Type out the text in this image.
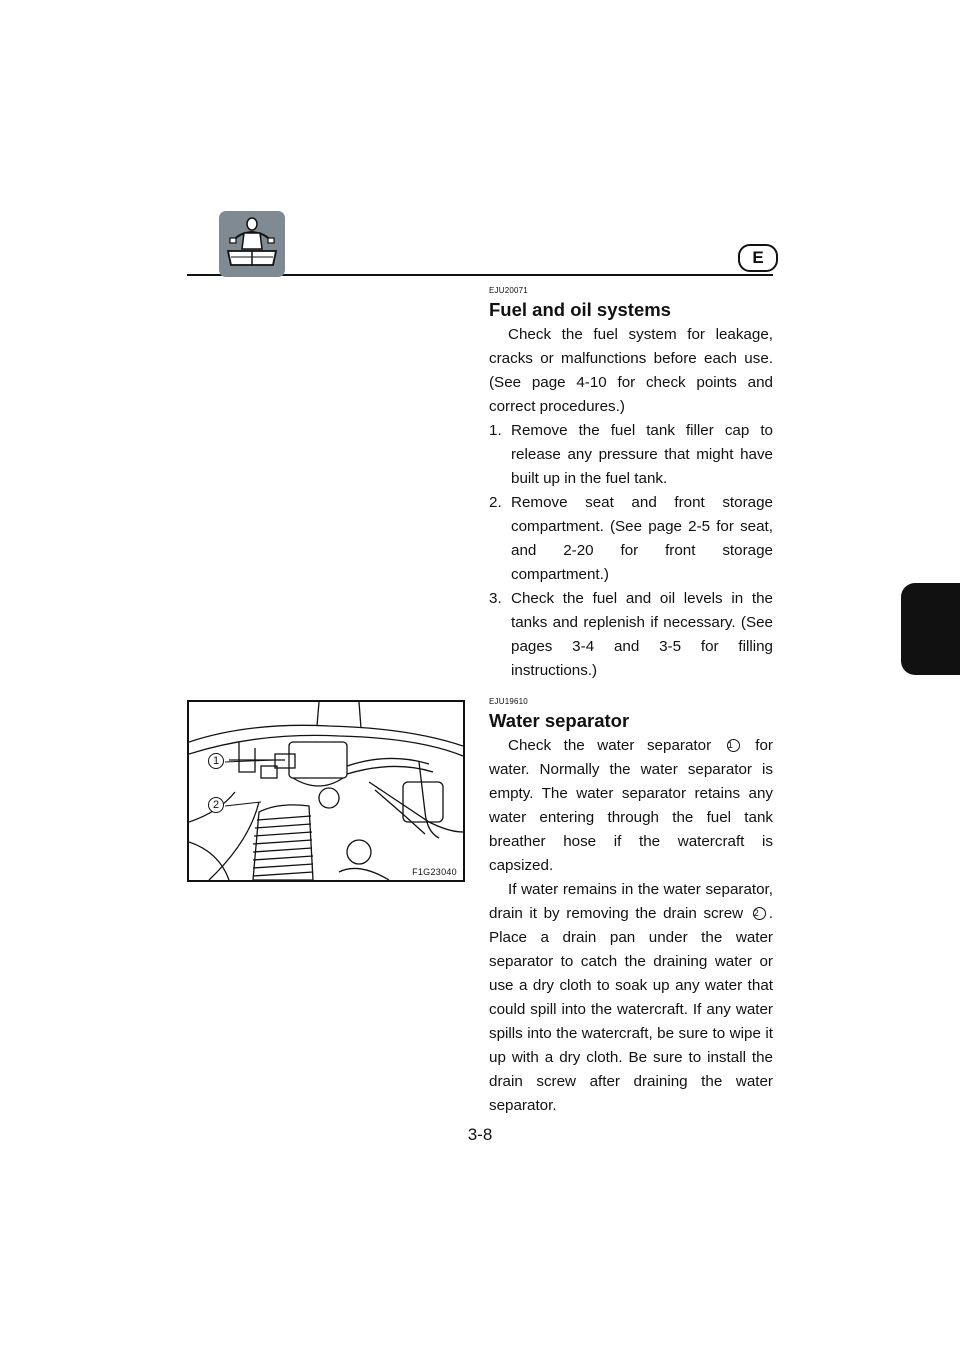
E
EJU20071
Fuel and oil systems

Check the fuel system for leakage, cracks or malfunctions before each use. (See page 4-10 for check points and correct procedures.)

1. Remove the fuel tank filler cap to release any pressure that might have built up in the fuel tank.
2. Remove seat and front storage compartment. (See page 2-5 for seat, and 2-20 for front storage compartment.)
3. Check the fuel and oil levels in the tanks and replenish if necessary. (See pages 3-4 and 3-5 for filling instructions.)
1
2
F1G23040
EJU19610
Water separator

Check the water separator 1 for water. Normally the water separator is empty. The water separator retains any water entering through the fuel tank breather hose if the watercraft is capsized.

If water remains in the water separator, drain it by removing the drain screw 2 . Place a drain pan under the water separator to catch the draining water or use a dry cloth to soak up any water that could spill into the watercraft. If any water spills into the watercraft, be sure to wipe it up with a dry cloth. Be sure to install the drain screw after draining the water separator.

3-8
